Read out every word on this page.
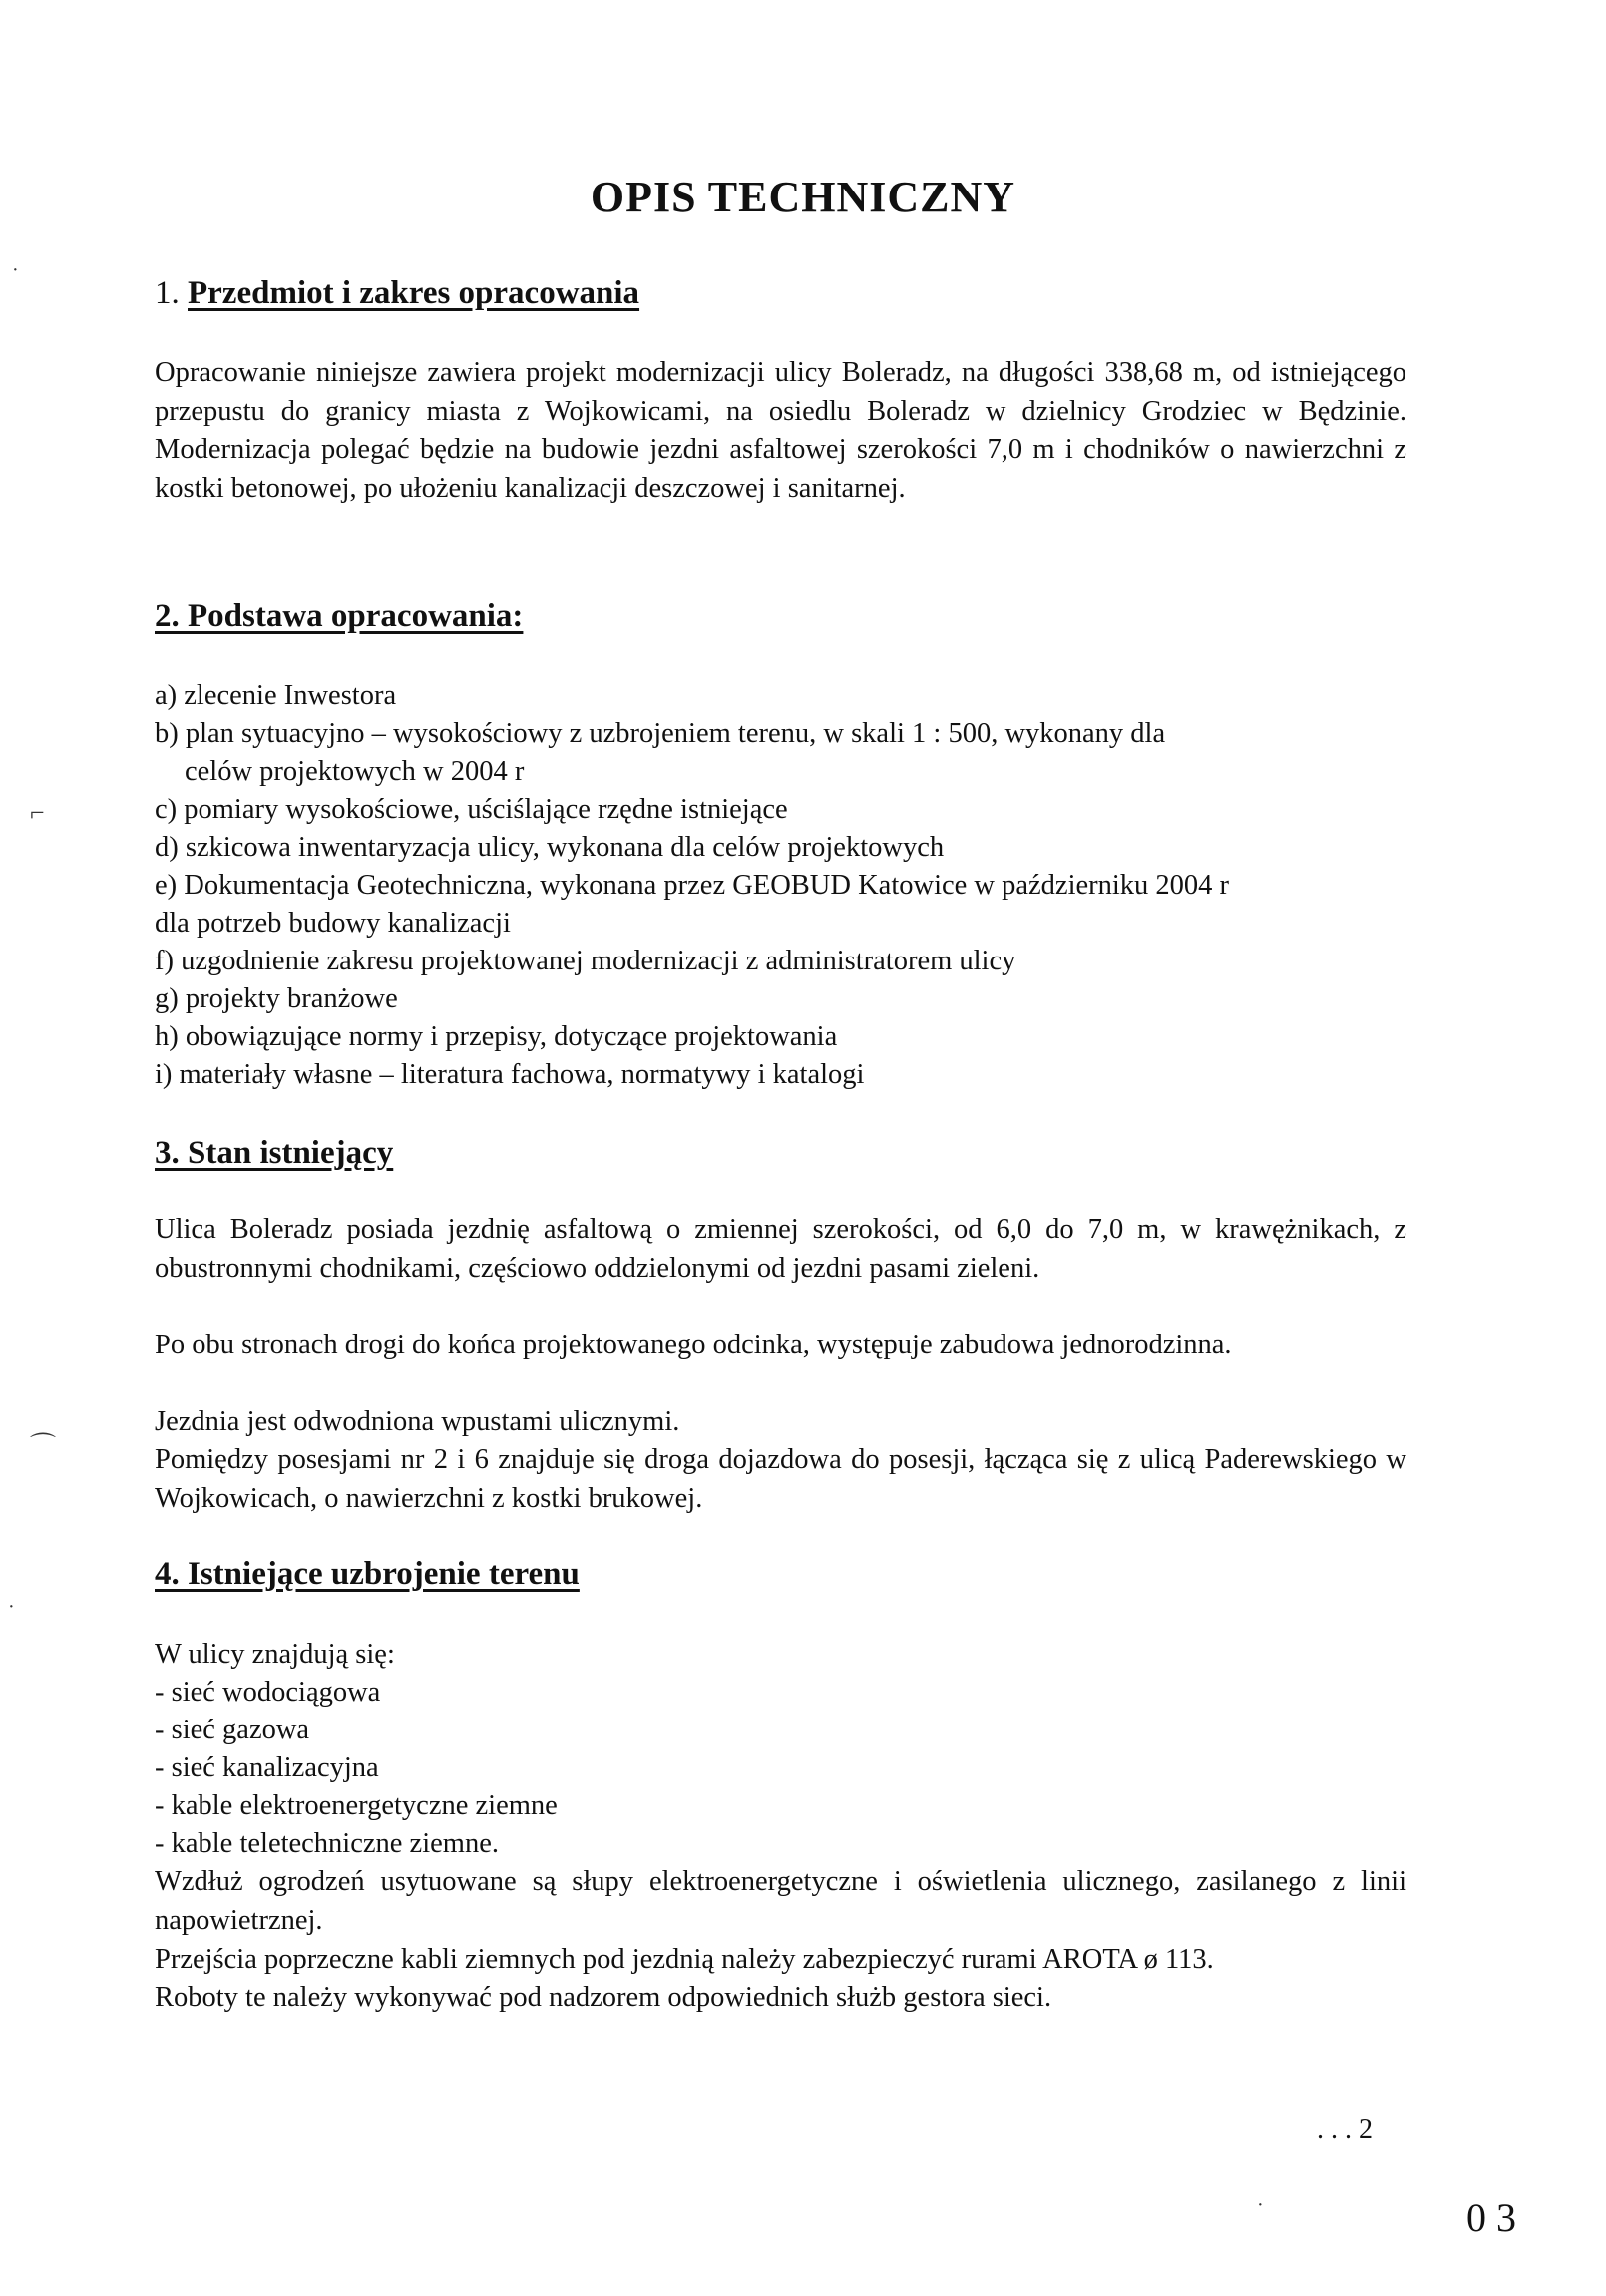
OPIS TECHNICZNY
1. Przedmiot i zakres opracowania
Opracowanie niniejsze zawiera projekt modernizacji ulicy Boleradz, na długości 338,68 m, od istniejącego przepustu do granicy miasta z Wojkowicami, na osiedlu Boleradz w dzielnicy Grodziec w Będzinie. Modernizacja polegać będzie na budowie jezdni asfaltowej szerokości 7,0 m i chodników o nawierzchni z kostki betonowej, po ułożeniu kanalizacji deszczowej i sanitarnej.
2. Podstawa opracowania:
a) zlecenie Inwestora
b) plan sytuacyjno – wysokościowy z uzbrojeniem terenu, w skali 1 : 500, wykonany dla
celów projektowych w 2004 r
c) pomiary wysokościowe, uściślające rzędne istniejące
d) szkicowa inwentaryzacja ulicy, wykonana dla celów projektowych
e) Dokumentacja Geotechniczna, wykonana przez GEOBUD Katowice w październiku 2004 r
dla potrzeb budowy kanalizacji
f) uzgodnienie zakresu projektowanej modernizacji z administratorem ulicy
g) projekty branżowe
h) obowiązujące normy i przepisy, dotyczące projektowania
i) materiały własne – literatura fachowa, normatywy i katalogi
3. Stan istniejący
Ulica Boleradz posiada jezdnię asfaltową o zmiennej szerokości, od 6,0 do 7,0 m, w krawężnikach, z obustronnymi chodnikami, częściowo oddzielonymi od jezdni pasami zieleni.
Po obu stronach drogi do końca projektowanego odcinka, występuje zabudowa jednorodzinna.
Jezdnia jest odwodniona wpustami ulicznymi.
Pomiędzy posesjami nr 2 i 6 znajduje się droga dojazdowa do posesji, łącząca się z ulicą Paderewskiego w Wojkowicach, o nawierzchni z kostki brukowej.
4. Istniejące uzbrojenie terenu
W ulicy znajdują się:
- sieć wodociągowa
- sieć gazowa
- sieć kanalizacyjna
- kable elektroenergetyczne ziemne
- kable teletechniczne ziemne.
Wzdłuż ogrodzeń usytuowane są słupy elektroenergetyczne i oświetlenia ulicznego, zasilanego z linii napowietrznej.
Przejścia poprzeczne kabli ziemnych pod jezdnią należy zabezpieczyć rurami AROTA ø 113.
Roboty te należy wykonywać pod nadzorem odpowiednich służb gestora sieci.
. . . 2
0 3
·
⌐
⌒
·
·
